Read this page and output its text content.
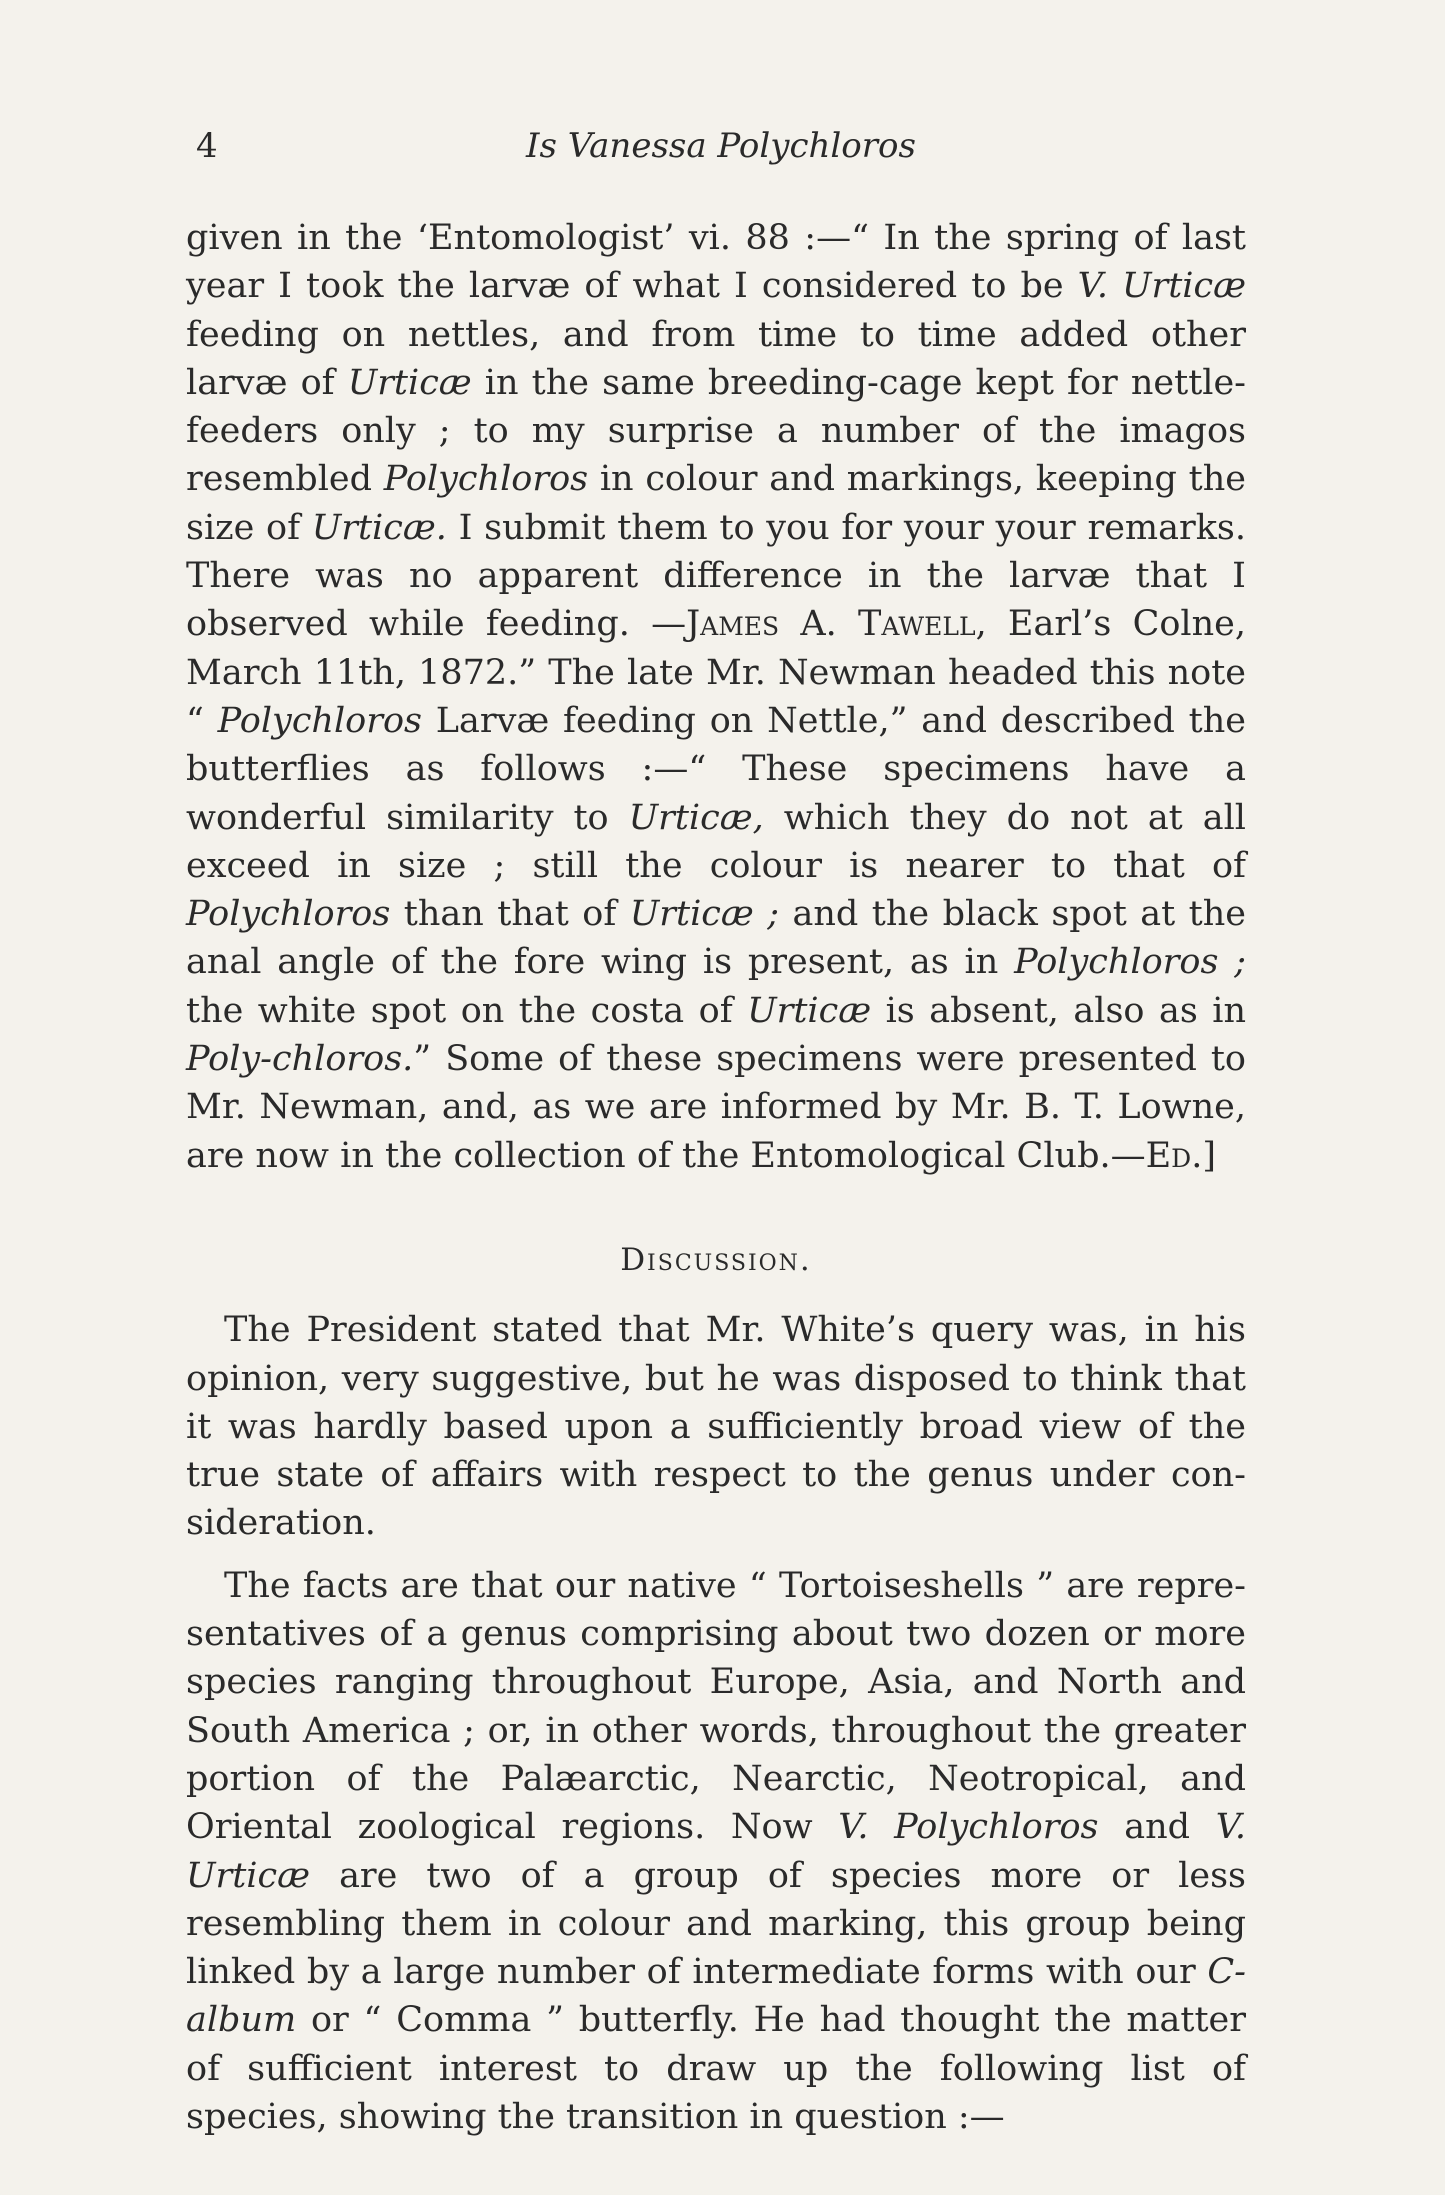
4	Is Vanessa Polychloros

given in the ‘Entomologist’ vi. 88 :—“ In the spring of last year I took the larvæ of what I considered to be V. Urticæ feeding on nettles, and from time to time added other larvæ of Urticæ in the same breeding-cage kept for nettle-feeders only ; to my surprise a number of the imagos resembled Polychloros in colour and markings, keeping the size of Urticæ. I submit them to you for your your remarks. There was no apparent difference in the larvæ that I observed while feeding. —James A. Tawell, Earl’s Colne, March 11th, 1872.” The late Mr. Newman headed this note “ Polychloros Larvæ feeding on Nettle,” and described the butterflies as follows :—“ These specimens have a wonderful similarity to Urticæ, which they do not at all exceed in size ; still the colour is nearer to that of Polychloros than that of Urticæ ; and the black spot at the anal angle of the fore wing is present, as in Polychloros ; the white spot on the costa of Urticæ is absent, also as in Poly-chloros.” Some of these specimens were presented to Mr. Newman, and, as we are informed by Mr. B. T. Lowne, are now in the collection of the Entomological Club.—Ed.]

Discussion.

The President stated that Mr. White’s query was, in his opinion, very suggestive, but he was disposed to think that it was hardly based upon a sufficiently broad view of the true state of affairs with respect to the genus under con-sideration.

The facts are that our native “ Tortoiseshells ” are repre-sentatives of a genus comprising about two dozen or more species ranging throughout Europe, Asia, and North and South America ; or, in other words, throughout the greater portion of the Palæarctic, Nearctic, Neotropical, and Oriental zoological regions. Now V. Polychloros and V. Urticæ are two of a group of species more or less resembling them in colour and marking, this group being linked by a large number of intermediate forms with our C-album or “ Comma ” butterfly. He had thought the matter of sufficient interest to draw up the following list of species, showing the transition in question :—
